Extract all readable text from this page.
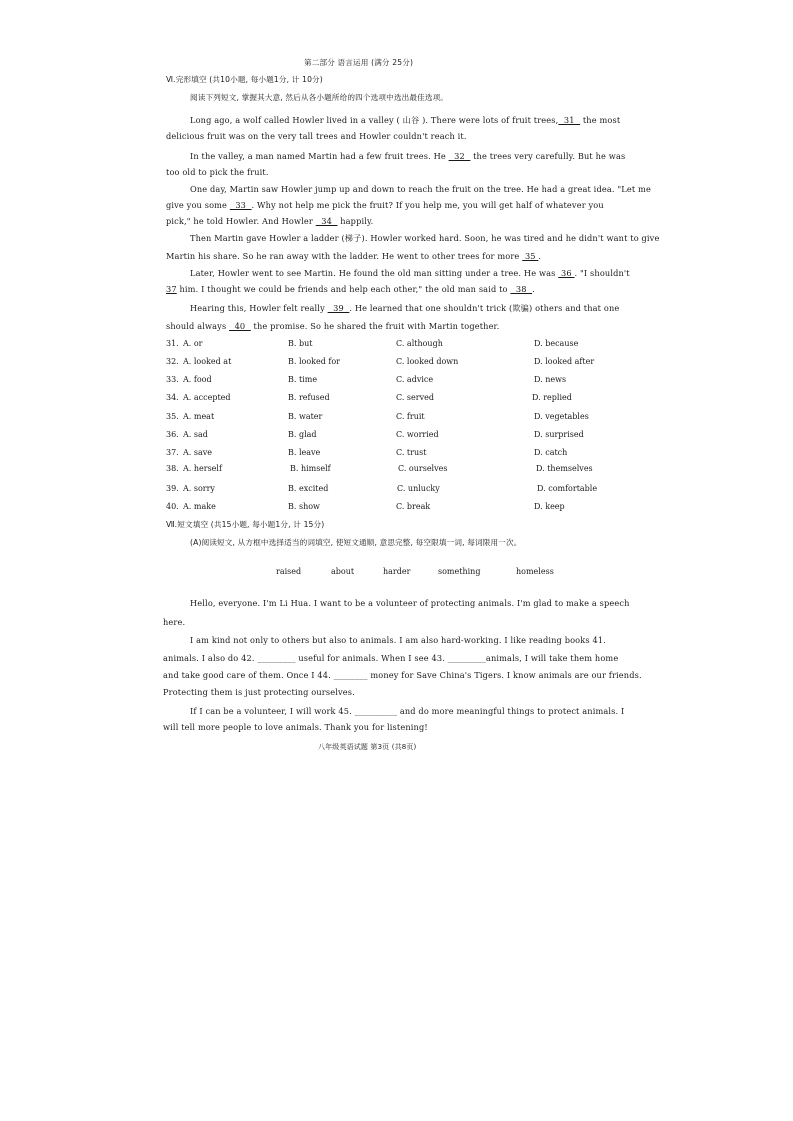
第二部分 语言运用 (满分 25分)
Ⅵ.完形填空 (共10小题, 每小题1分, 计 10分)
阅读下列短文, 掌握其大意, 然后从各小题所给的四个选项中选出最佳选项。
Long ago, a wolf called Howler lived in a valley ( 山谷 ). There were lots of fruit trees,  31   the most
delicious fruit was on the very tall trees and Howler couldn't reach it.
In the valley, a man named Martin had a few fruit trees. He   32   the trees very carefully. But he was
too old to pick the fruit.
One day, Martin saw Howler jump up and down to reach the fruit on the tree. He had a great idea. "Let me
give you some   33  . Why not help me pick the fruit? If you help me, you will get half of whatever you
pick," he told Howler. And Howler   34   happily.
Then Martin gave Howler a ladder (梯子). Howler worked hard. Soon, he was tired and he didn't want to give
Martin his share. So he ran away with the ladder. He went to other trees for more  35 .
Later, Howler went to see Martin. He found the old man sitting under a tree. He was  36 . "I shouldn't
37 him. I thought we could be friends and help each other," the old man said to   38  .
Hearing this, Howler felt really   39  . He learned that one shouldn't trick (欺骗) others and that one
should always   40   the promise. So he shared the fruit with Martin together.
31. A. or	B. but	C. although	D. because
32. A. looked at	B. looked for	C. looked down	D. looked after
33. A. food	B. time	C. advice	D. news
34. A. accepted	B. refused	C. served	D. replied
35. A. meat	B. water	C. fruit	D. vegetables
36. A. sad	B. glad	C. worried	D. surprised
37. A. save	B. leave	C. trust	D. catch
38. A. herself	B. himself	C. ourselves	D. themselves
39. A. sorry	B. excited	C. unlucky	D. comfortable
40. A. make	B. show	C. break	D. keep
Ⅶ.短文填空 (共15小题, 每小题1分, 计 15分)
(A)阅读短文, 从方框中选择适当的词填空, 使短文通顺, 意思完整, 每空限填一词, 每词限用一次。
raised	about	harder	something	homeless
Hello, everyone. I'm Li Hua. I want to be a volunteer of protecting animals. I'm glad to make a speech
here.
I am kind not only to others but also to animals. I am also hard-working. I like reading books 41.
animals. I also do 42. _________ useful for animals. When I see 43. _________animals, I will take them home
and take good care of them. Once I 44. ________ money for Save China's Tigers. I know animals are our friends.
Protecting them is just protecting ourselves.
If I can be a volunteer, I will work 45. __________ and do more meaningful things to protect animals. I
will tell more people to love animals. Thank you for listening!
八年级英语试题 第3页 (共8页)
